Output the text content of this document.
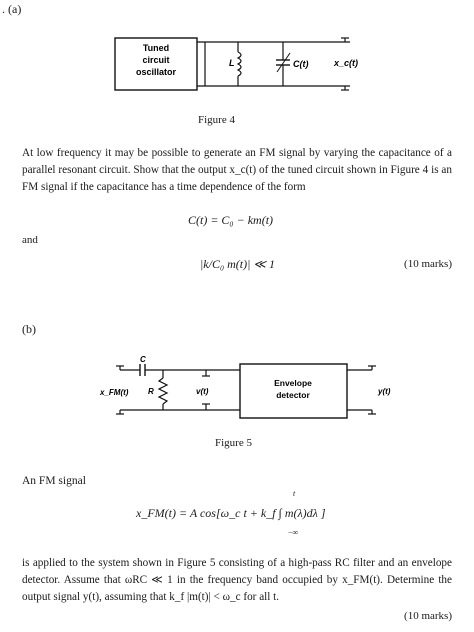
. (a)
Tuned
circuit
oscillator
L	C(t)	x_c(t)
Figure 4
At low frequency it may be possible to generate an FM signal by varying the capacitance of a parallel resonant circuit. Show that the output x_c(t) of the tuned circuit shown in Figure 4 is an FM signal if the capacitance has a time dependence of the form
C(t) = C₀ − km(t)
and
|k/C₀ m(t)| ≪ 1	(10 marks)
(b)
x_FM(t)
C
R	v(t)
Envelope
detector	y(t)
Figure 5
An FM signal
t
x_FM(t) = A cos[ω_c t + k_f ∫ m(λ)dλ ]
−∞
is applied to the system shown in Figure 5 consisting of a high-pass RC filter and an envelope detector. Assume that ωRC ≪ 1 in the frequency band occupied by x_FM(t). Determine the output signal y(t), assuming that k_f |m(t)| < ω_c for all t.
(10 marks)
